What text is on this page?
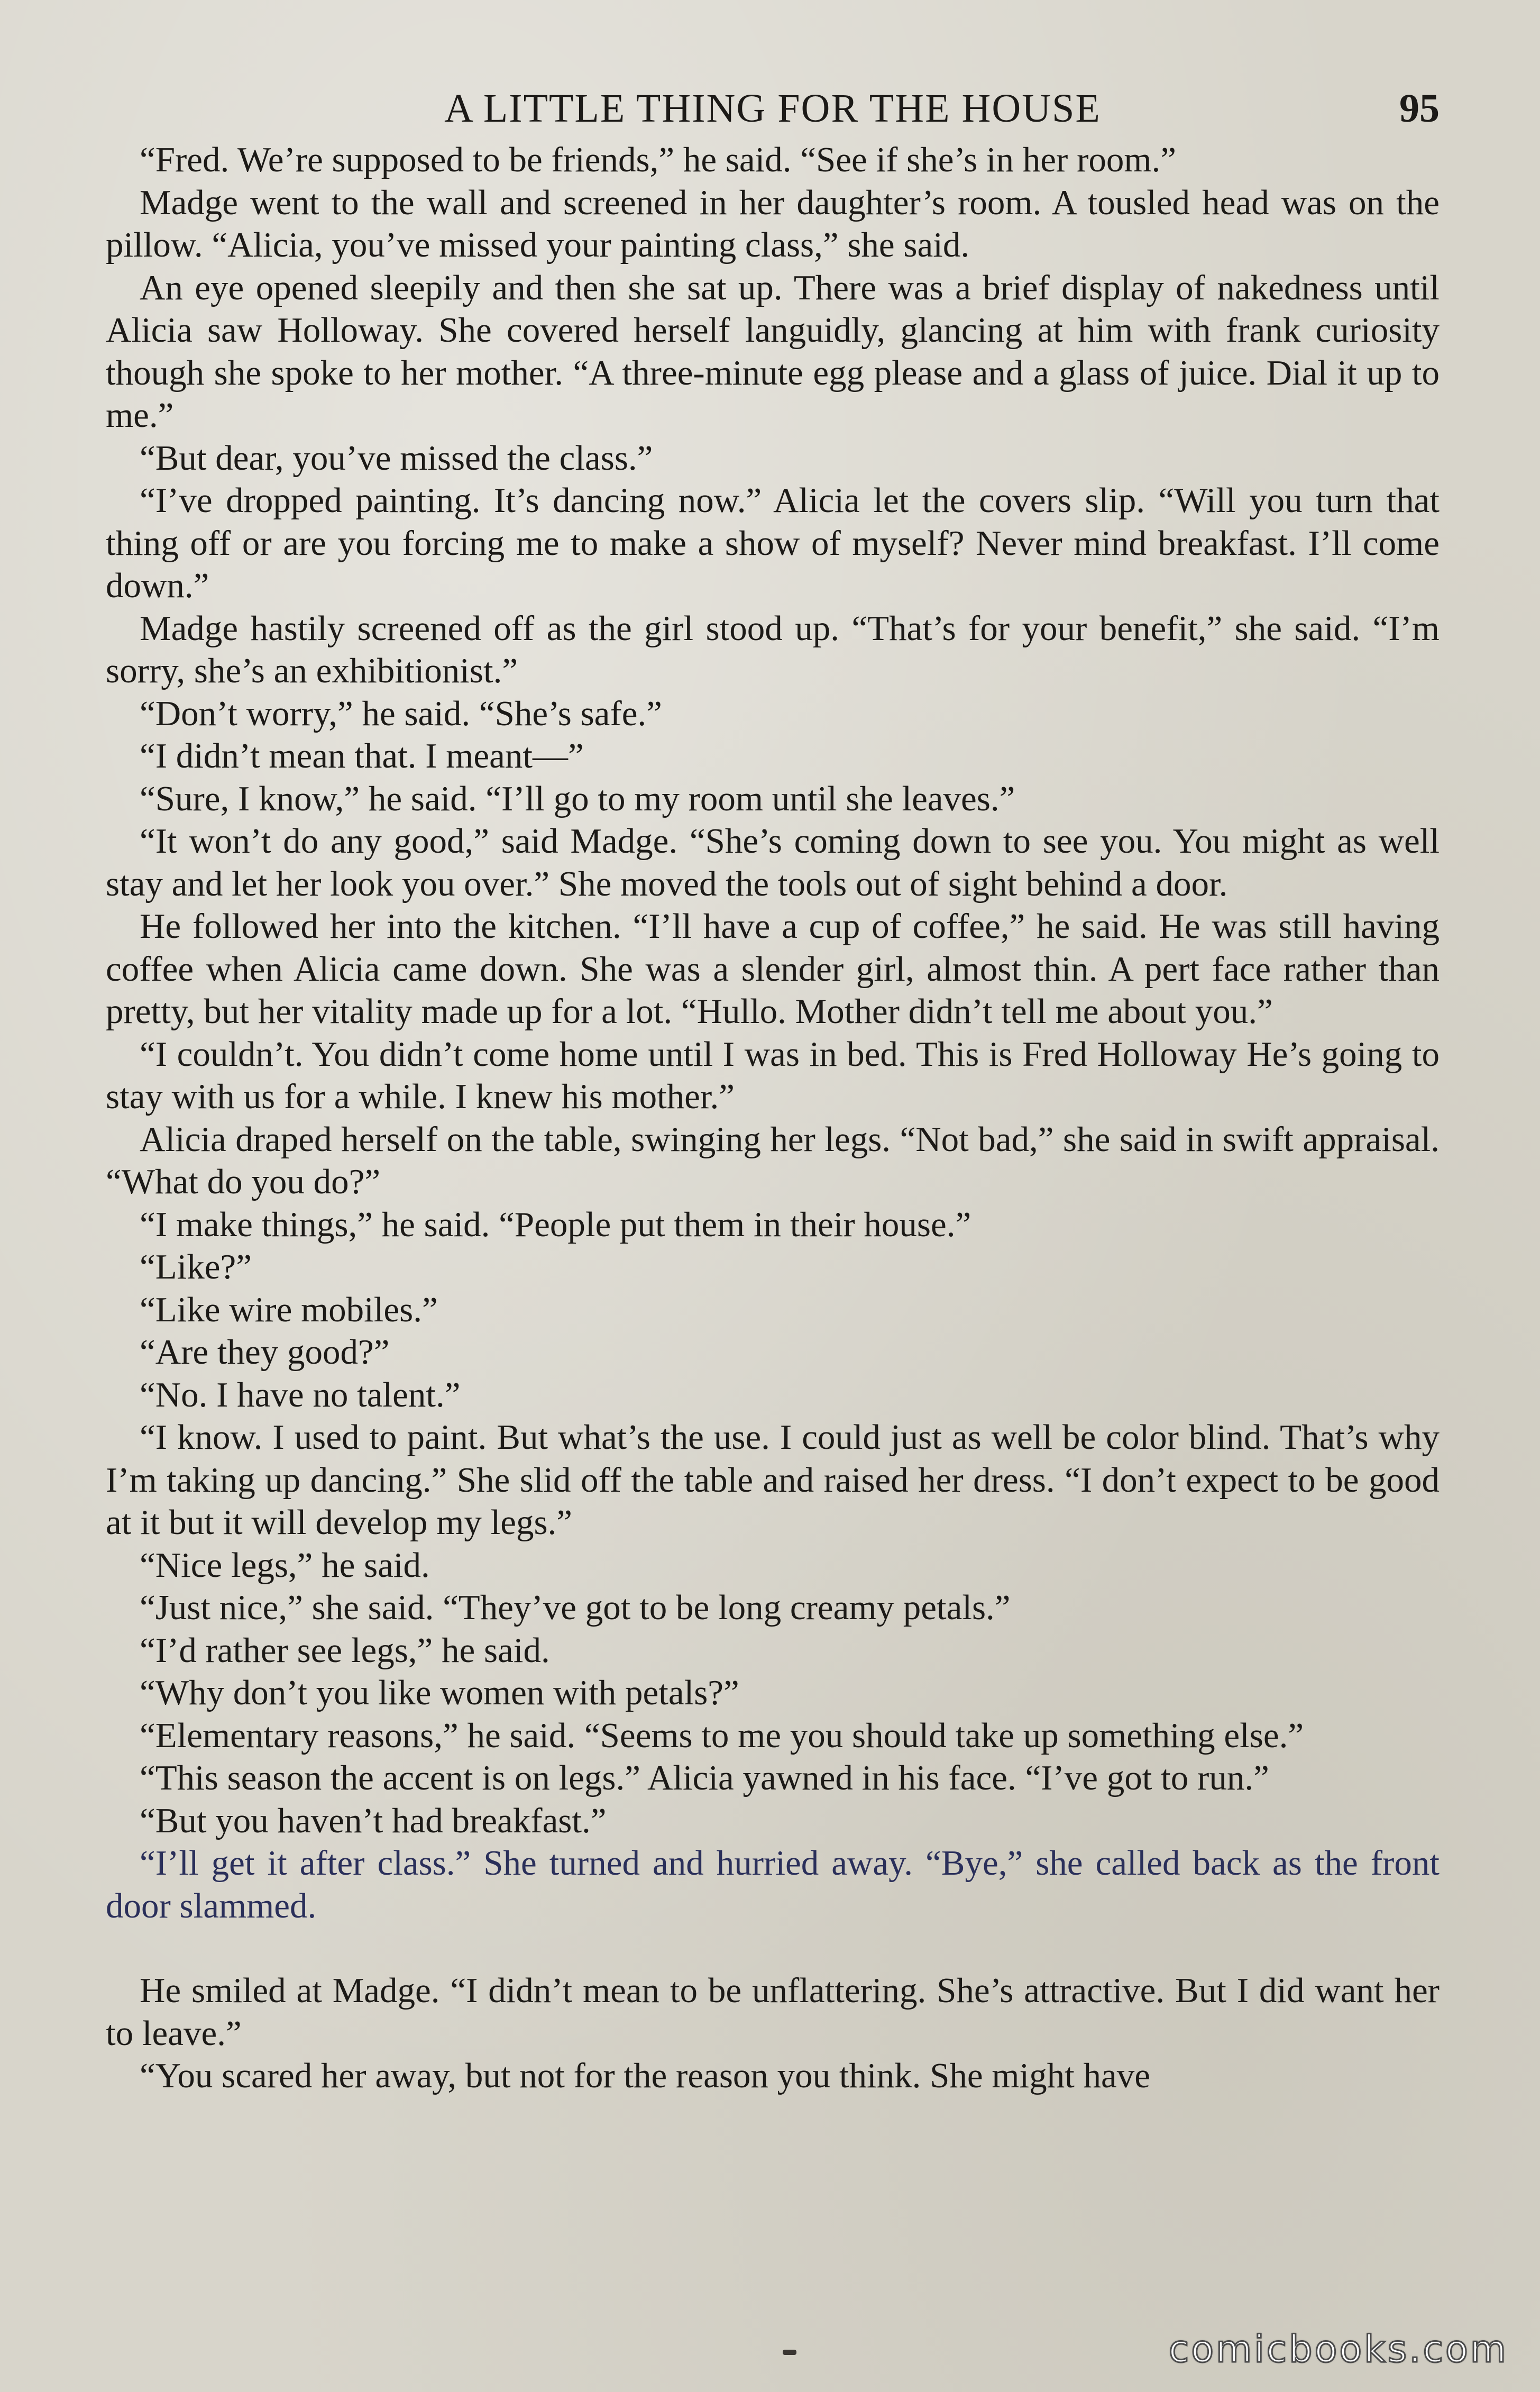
A LITTLE THING FOR THE HOUSE	95

“Fred. We’re supposed to be friends,” he said. “See if she’s in her room.”

Madge went to the wall and screened in her daughter’s room. A tousled head was on the pillow. “Alicia, you’ve missed your painting class,” she said.

An eye opened sleepily and then she sat up. There was a brief display of nakedness until Alicia saw Holloway. She covered herself languidly, glancing at him with frank curiosity though she spoke to her mother. “A three-minute egg please and a glass of juice. Dial it up to me.”

“But dear, you’ve missed the class.”

“I’ve dropped painting. It’s dancing now.” Alicia let the covers slip. “Will you turn that thing off or are you forcing me to make a show of myself? Never mind breakfast. I’ll come down.”

Madge hastily screened off as the girl stood up. “That’s for your benefit,” she said. “I’m sorry, she’s an exhibitionist.”

“Don’t worry,” he said. “She’s safe.”

“I didn’t mean that. I meant—”

“Sure, I know,” he said. “I’ll go to my room until she leaves.”

“It won’t do any good,” said Madge. “She’s coming down to see you. You might as well stay and let her look you over.” She moved the tools out of sight behind a door.

He followed her into the kitchen. “I’ll have a cup of coffee,” he said. He was still having coffee when Alicia came down. She was a slender girl, almost thin. A pert face rather than pretty, but her vitality made up for a lot. “Hullo. Mother didn’t tell me about you.”

“I couldn’t. You didn’t come home until I was in bed. This is Fred Holloway He’s going to stay with us for a while. I knew his mother.”

Alicia draped herself on the table, swinging her legs. “Not bad,” she said in swift appraisal. “What do you do?”

“I make things,” he said. “People put them in their house.”

“Like?”

“Like wire mobiles.”

“Are they good?”

“No. I have no talent.”

“I know. I used to paint. But what’s the use. I could just as well be color blind. That’s why I’m taking up dancing.” She slid off the table and raised her dress. “I don’t expect to be good at it but it will develop my legs.”

“Nice legs,” he said.

“Just nice,” she said. “They’ve got to be long creamy petals.”

“I’d rather see legs,” he said.

“Why don’t you like women with petals?”

“Elementary reasons,” he said. “Seems to me you should take up something else.”

“This season the accent is on legs.” Alicia yawned in his face. “I’ve got to run.”

“But you haven’t had breakfast.”

“I’ll get it after class.” She turned and hurried away. “Bye,” she called back as the front door slammed.

He smiled at Madge. “I didn’t mean to be unflattering. She’s attractive. But I did want her to leave.”

“You scared her away, but not for the reason you think. She might have

comicbooks.com
